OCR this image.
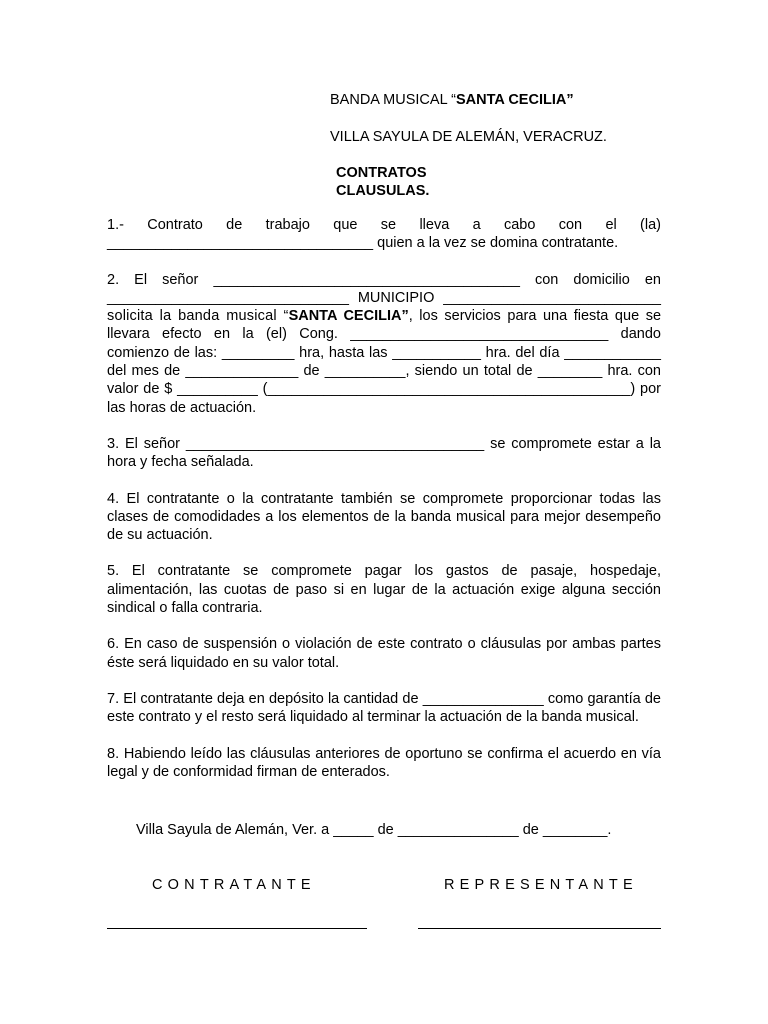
BANDA MUSICAL “SANTA CECILIA”
VILLA SAYULA DE ALEMÁN, VERACRUZ.
CONTRATOS
CLAUSULAS.

1.- Contrato de trabajo que se lleva a cabo con el (la) _________________________________ quien a la vez se domina contratante.

2. El señor ______________________________________ con domicilio en ______________________________ MUNICIPIO ___________________________ solicita la banda musical “SANTA CECILIA”, los servicios para una fiesta que se llevara efecto en la (el) Cong. ________________________________ dando comienzo de las: _________ hra, hasta las ___________ hra. del día ____________ del mes de ______________ de __________, siendo un total de ________ hra. con valor de $ __________ (_____________________________________________) por las horas de actuación.

3. El señor _____________________________________ se compromete estar a la hora y fecha señalada.

4. El contratante o la contratante también se compromete proporcionar todas las clases de comodidades a los elementos de la banda musical para mejor desempeño de su actuación.

5. El contratante se compromete pagar los gastos de pasaje, hospedaje, alimentación, las cuotas de paso si en lugar de la actuación exige alguna sección sindical o falla contraria.

6. En caso de suspensión o violación de este contrato o cláusulas por ambas partes éste será liquidado en su valor total.

7. El contratante deja en depósito la cantidad de _______________ como garantía de este contrato y el resto será liquidado al terminar la actuación de la banda musical.

8. Habiendo leído las cláusulas anteriores de oportuno se confirma el acuerdo en vía legal y de conformidad firman de enterados.

Villa Sayula de Alemán, Ver. a _____ de _______________ de ________.
CONTRATANTE	REPRESENTANTE
